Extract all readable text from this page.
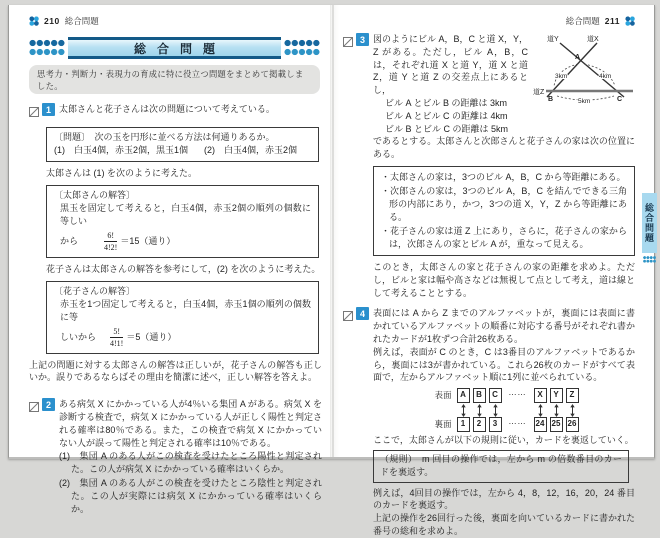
210 総合問題
総合問題
思考力・判断力・表現力の育成に特に役立つ問題をまとめて掲載しました。
1 太郎さんと花子さんは次の問題について考えている。
〔問題〕　次の玉を円形に並べる方法は何通りあるか。
(1)　白玉4個，赤玉2個，黒玉1個 (2)　白玉4個，赤玉2個
太郎さんは (1) を次のように考えた。
〔太郎さんの解答〕
黒玉を固定して考えると，白玉4個，赤玉2個の順列の個数に等しい
から	$\frac{6!}{4!2!} =15$（通り）
花子さんは太郎さんの解答を参考にして，(2) を次のように考えた。
〔花子さんの解答〕
赤玉を1つ固定して考えると，白玉4個，赤玉1個の順列の個数に等
しいから $\frac{5!}{4!1!} =5$（通り）
上記の問題に対する太郎さんの解答は正しいが，花子さんの解答も正しいか。誤りであるならばその理由を簡潔に述べ，正しい解答を答えよ。
2 ある病気 X にかかっている人が4％いる集団 A がある。病気 X を診断する検査で，病気 X にかかっている人が正しく陽性と判定される確率は80％である。また，この検査で病気 X にかかっていない人が誤って陽性と判定される確率は10％である。
(1)　集団 A のある人がこの検査を受けたところ陽性と判定された。この人が病気 X にかかっている確率はいくらか。
(2)　集団 A のある人がこの検査を受けたところ陰性と判定された。この人が実際には病気 X にかかっている確率はいくらか。
総合問題 211
3	道Y	道X
道Z
A
B	C
3km	4km
5km
図のようにビル A，B，C と道 X，Y，Z がある。ただし，ビル A，B，C は，それぞれ道 X と道 Y，道 X と道 Z，道 Y と道 Z の交差点上にあるとし，
ビル A とビル B の距離は 3km
ビル A とビル C の距離は 4km
ビル B とビル C の距離は 5km
であるとする。太郎さんと次郎さんと花子さんの家は次の位置にある。
・太郎さんの家は，3つのビル A，B，C から等距離にある。
・次郎さんの家は，3つのビル A，B，C を結んでできる三角形の内部にあり，かつ，3つの道 X，Y，Z から等距離にある。
・花子さんの家は道 Z 上にあり，さらに，花子さんの家からは，次郎さんの家とビル A が，重なって見える。
このとき，太郎さんの家と花子さんの家の距離を求めよ。ただし，ビルと家は幅や高さなどは無視して点として考え，道は線として考えることとする。
4 表面には A から Z までのアルファベットが，裏面には表面に書かれているアルファベットの順番に対応する番号がそれぞれ書かれたカードが1枚ずつ合計26枚ある。
例えば，表面が C のとき，C は3番目のアルファベットであるから，裏面には3が書かれている。これら26枚のカードがすべて表面で，左からアルファベット順に1列に並べられている。
表面	A	B	C	⋯⋯	X	Y	Z
裏面	1	2	3	⋯⋯ 24 25 26
ここで，太郎さんが以下の規則に従い，カードを裏返していく。
（規則）　m 回目の操作では，左から m の倍数番目のカードを裏返す。
例えば，4回目の操作では，左から 4，8，12，16，20，24 番目のカードを裏返す。
上記の操作を26回行った後，裏面を向いているカードに書かれた番号の総和を求めよ。
総合問題
